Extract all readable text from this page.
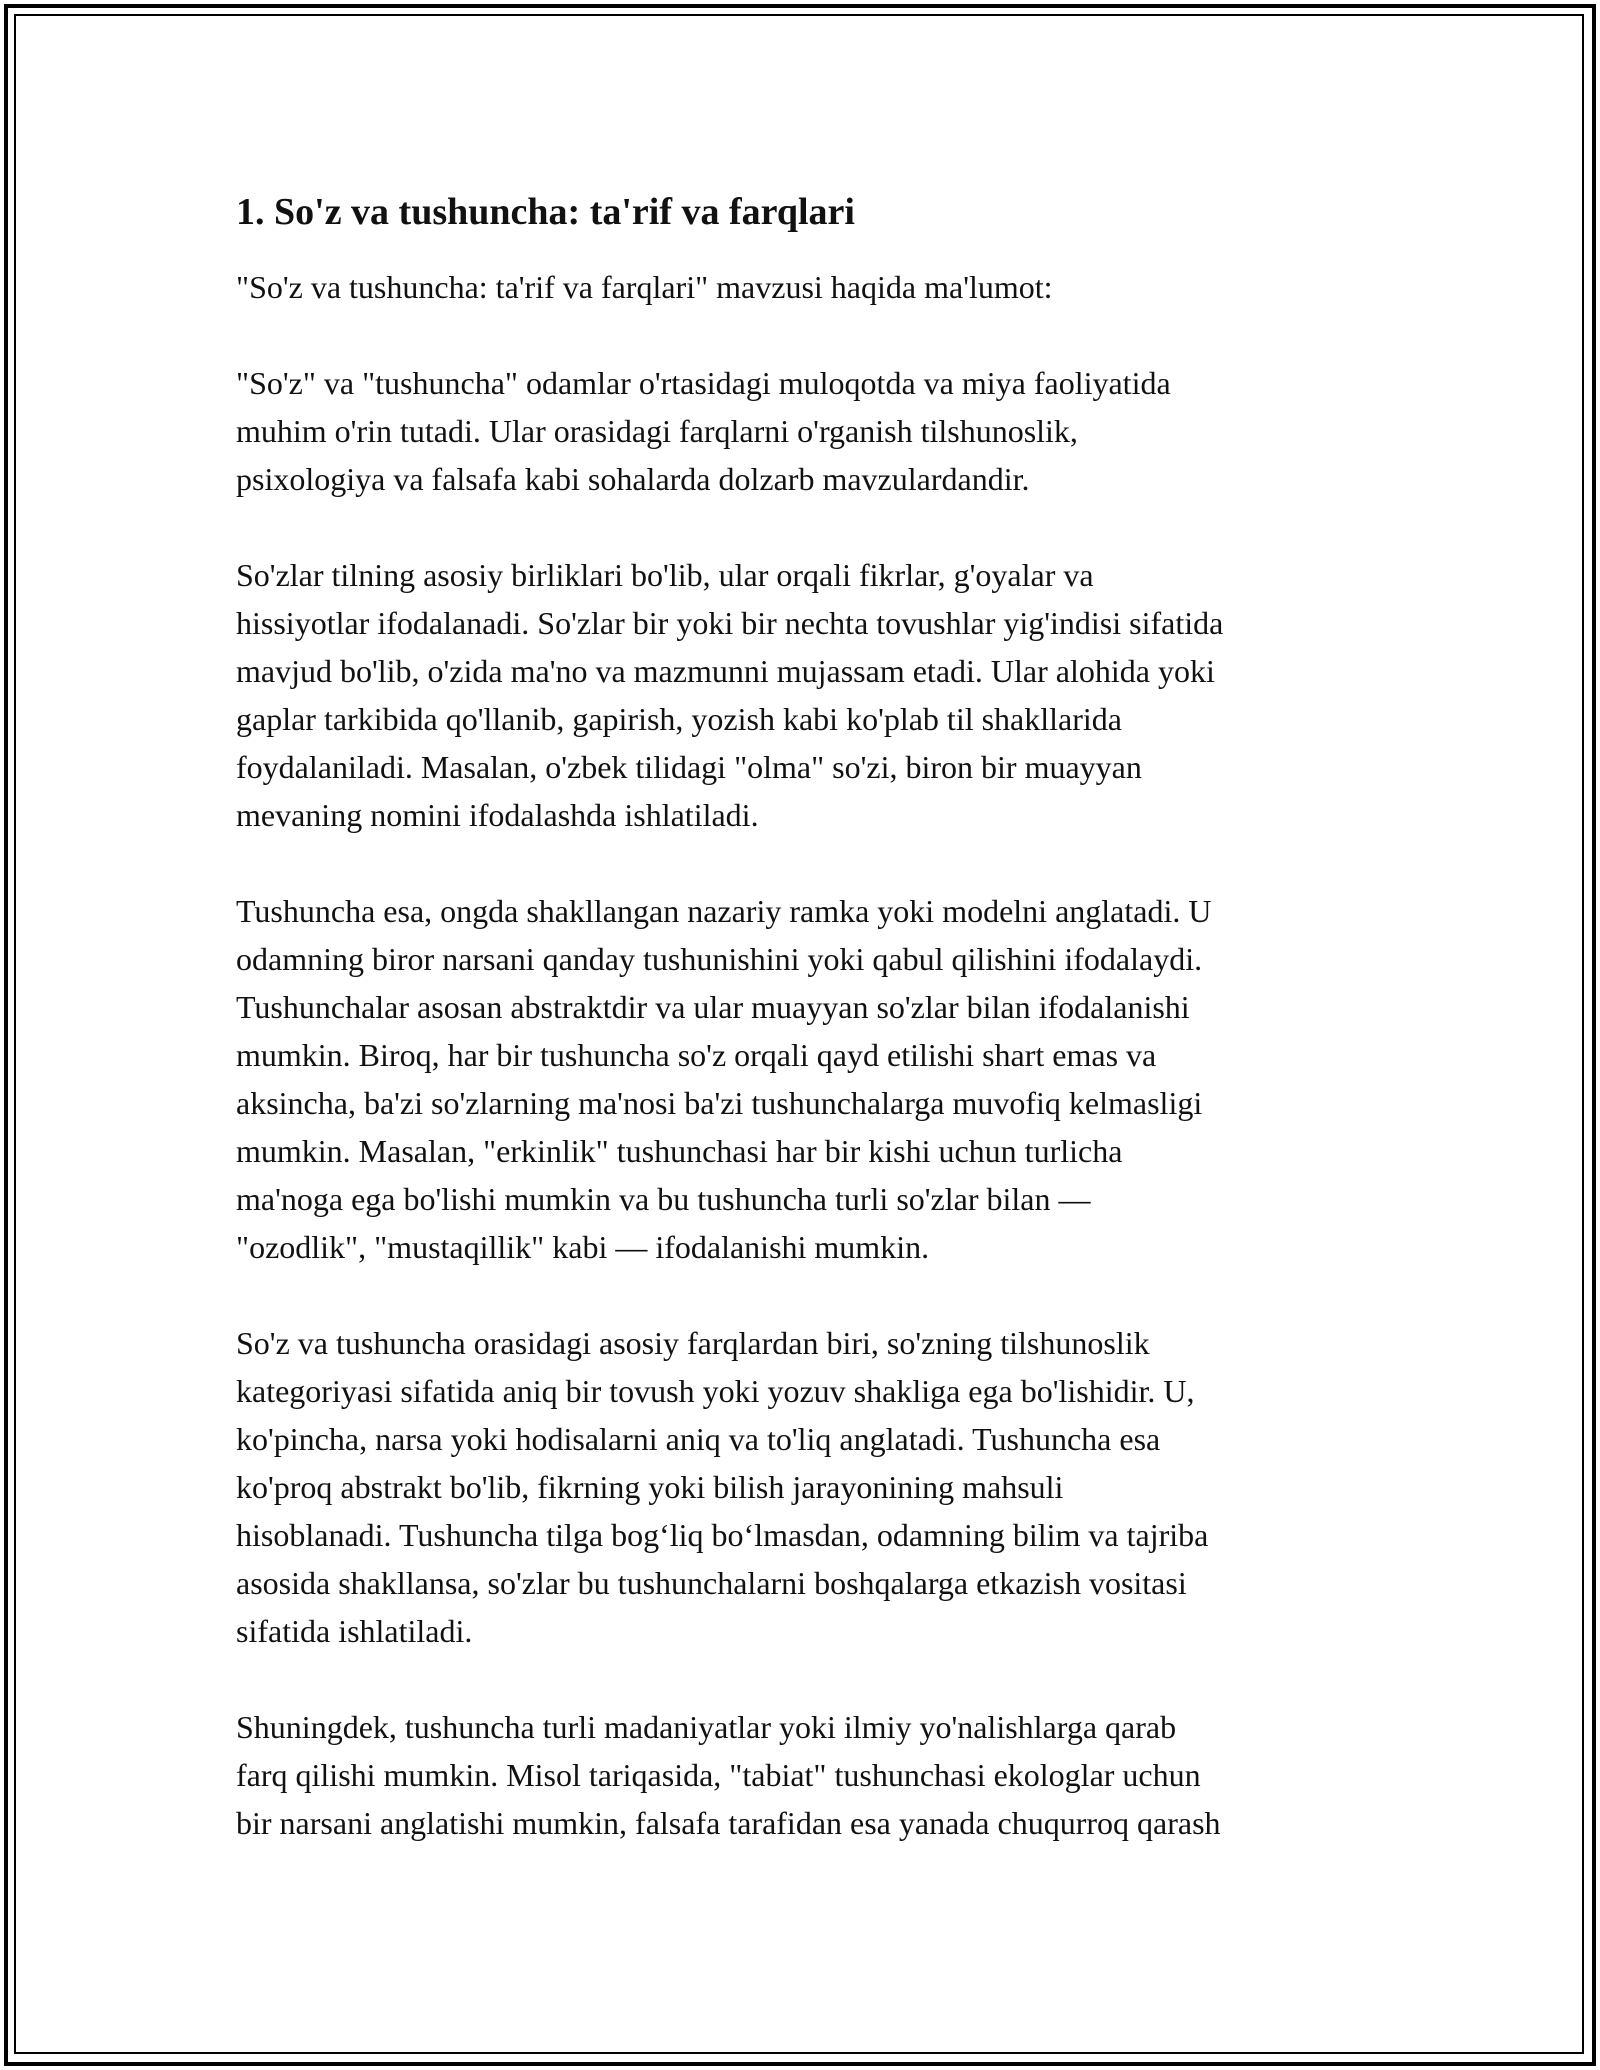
1. So'z va tushuncha: ta'rif va farqlari

"So'z va tushuncha: ta'rif va farqlari" mavzusi haqida ma'lumot:

"So'z" va "tushuncha" odamlar o'rtasidagi muloqotda va miya faoliyatida
muhim o'rin tutadi. Ular orasidagi farqlarni o'rganish tilshunoslik,
psixologiya va falsafa kabi sohalarda dolzarb mavzulardandir.

So'zlar tilning asosiy birliklari bo'lib, ular orqali fikrlar, g'oyalar va
hissiyotlar ifodalanadi. So'zlar bir yoki bir nechta tovushlar yig'indisi sifatida
mavjud bo'lib, o'zida ma'no va mazmunni mujassam etadi. Ular alohida yoki
gaplar tarkibida qo'llanib, gapirish, yozish kabi ko'plab til shakllarida
foydalaniladi. Masalan, o'zbek tilidagi "olma" so'zi, biron bir muayyan
mevaning nomini ifodalashda ishlatiladi.

Tushuncha esa, ongda shakllangan nazariy ramka yoki modelni anglatadi. U
odamning biror narsani qanday tushunishini yoki qabul qilishini ifodalaydi.
Tushunchalar asosan abstraktdir va ular muayyan so'zlar bilan ifodalanishi
mumkin. Biroq, har bir tushuncha so'z orqali qayd etilishi shart emas va
aksincha, ba'zi so'zlarning ma'nosi ba'zi tushunchalarga muvofiq kelmasligi
mumkin. Masalan, "erkinlik" tushunchasi har bir kishi uchun turlicha
ma'noga ega bo'lishi mumkin va bu tushuncha turli so'zlar bilan —
"ozodlik", "mustaqillik" kabi — ifodalanishi mumkin.

So'z va tushuncha orasidagi asosiy farqlardan biri, so'zning tilshunoslik
kategoriyasi sifatida aniq bir tovush yoki yozuv shakliga ega bo'lishidir. U,
ko'pincha, narsa yoki hodisalarni aniq va to'liq anglatadi. Tushuncha esa
ko'proq abstrakt bo'lib, fikrning yoki bilish jarayonining mahsuli
hisoblanadi. Tushuncha tilga bog‘liq bo‘lmasdan, odamning bilim va tajriba
asosida shakllansa, so'zlar bu tushunchalarni boshqalarga etkazish vositasi
sifatida ishlatiladi.

Shuningdek, tushuncha turli madaniyatlar yoki ilmiy yo'nalishlarga qarab
farq qilishi mumkin. Misol tariqasida, "tabiat" tushunchasi ekologlar uchun
bir narsani anglatishi mumkin, falsafa tarafidan esa yanada chuqurroq qarash
